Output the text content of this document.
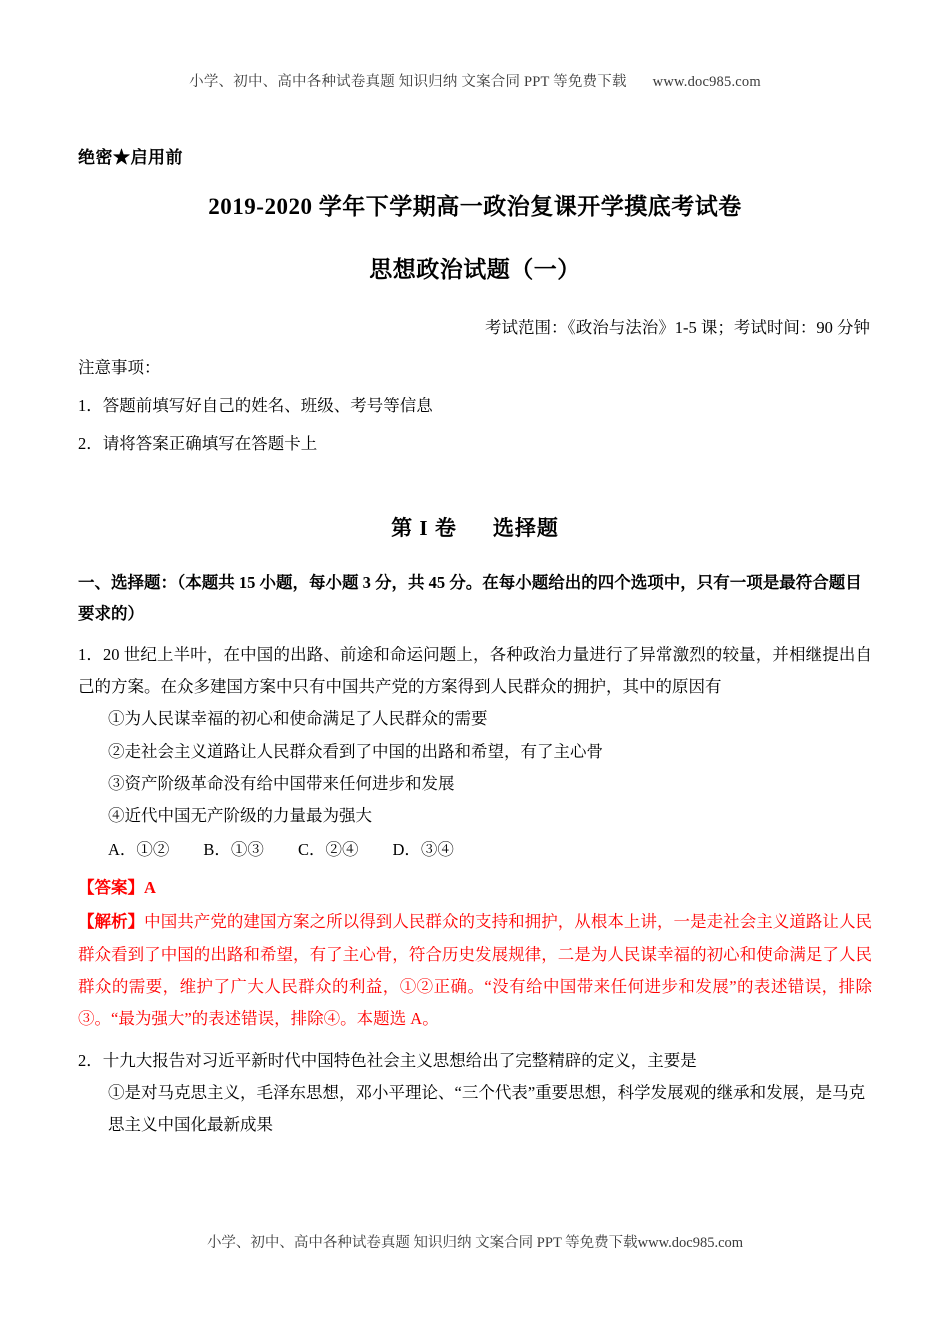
小学、初中、高中各种试卷真题 知识归纳 文案合同 PPT 等免费下载 www.doc985.com
绝密★启用前
2019-2020 学年下学期高一政治复课开学摸底考试卷
思想政治试题（一）
考试范围：《政治与法治》1-5 课；考试时间：90 分钟
注意事项：
1．答题前填写好自己的姓名、班级、考号等信息
2．请将答案正确填写在答题卡上
第 I 卷 选择题
一、选择题：（本题共 15 小题，每小题 3 分，共 45 分。在每小题给出的四个选项中，只有一项是最符合题目要求的）
1．20 世纪上半叶，在中国的出路、前途和命运问题上，各种政治力量进行了异常激烈的较量，并相继提出自己的方案。在众多建国方案中只有中国共产党的方案得到人民群众的拥护，其中的原因有
①为人民谋幸福的初心和使命满足了人民群众的需要
②走社会主义道路让人民群众看到了中国的出路和希望，有了主心骨
③资产阶级革命没有给中国带来任何进步和发展
④近代中国无产阶级的力量最为强大
A．①② B．①③ C．②④ D．③④
【答案】A
【解析】中国共产党的建国方案之所以得到人民群众的支持和拥护，从根本上讲，一是走社会主义道路让人民群众看到了中国的出路和希望，有了主心骨，符合历史发展规律，二是为人民谋幸福的初心和使命满足了人民群众的需要，维护了广大人民群众的利益，①②正确。“没有给中国带来任何进步和发展”的表述错误，排除③。“最为强大”的表述错误，排除④。本题选 A。
2．十九大报告对习近平新时代中国特色社会主义思想给出了完整精辟的定义，主要是
①是对马克思主义，毛泽东思想，邓小平理论、“三个代表”重要思想，科学发展观的继承和发展，是马克思主义中国化最新成果
小学、初中、高中各种试卷真题 知识归纳 文案合同 PPT 等免费下载www.doc985.com
